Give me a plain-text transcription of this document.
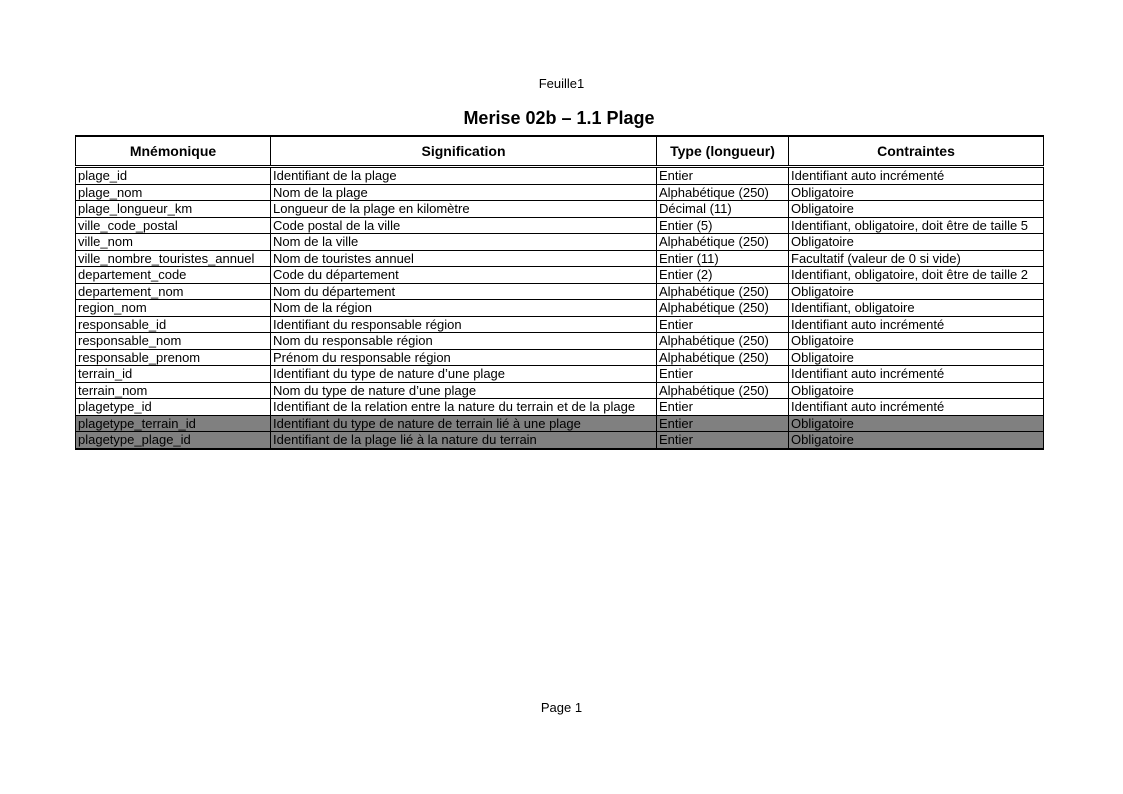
Feuille1
Merise 02b – 1.1 Plage
Mnémonique	Signification	Type (longueur)	Contraintes
plage_id	Identifiant de la plage	Entier	Identifiant auto incrémenté
plage_nom	Nom de la plage	Alphabétique (250)	Obligatoire
plage_longueur_km	Longueur de la plage en kilomètre	Décimal (11)	Obligatoire
ville_code_postal	Code postal de la ville	Entier (5)	Identifiant, obligatoire, doit être de taille 5
ville_nom	Nom de la ville	Alphabétique (250)	Obligatoire
ville_nombre_touristes_annuel	Nom de touristes annuel	Entier (11)	Facultatif (valeur de 0 si vide)
departement_code	Code du département	Entier (2)	Identifiant, obligatoire, doit être de taille 2
departement_nom	Nom du département	Alphabétique (250)	Obligatoire
region_nom	Nom de la région	Alphabétique (250)	Identifiant, obligatoire
responsable_id	Identifiant du responsable région	Entier	Identifiant auto incrémenté
responsable_nom	Nom du responsable région	Alphabétique (250)	Obligatoire
responsable_prenom	Prénom du responsable région	Alphabétique (250)	Obligatoire
terrain_id	Identifiant du type de nature d’une plage	Entier	Identifiant auto incrémenté
terrain_nom	Nom du type de nature d’une plage	Alphabétique (250)	Obligatoire
plagetype_id	Identifiant de la relation entre la nature du terrain et de la plage	Entier	Identifiant auto incrémenté
plagetype_terrain_id	Identifiant du type de nature de terrain lié à une plage	Entier	Obligatoire
plagetype_plage_id	Identifiant de la plage lié à la nature du terrain	Entier	Obligatoire
Page 1
